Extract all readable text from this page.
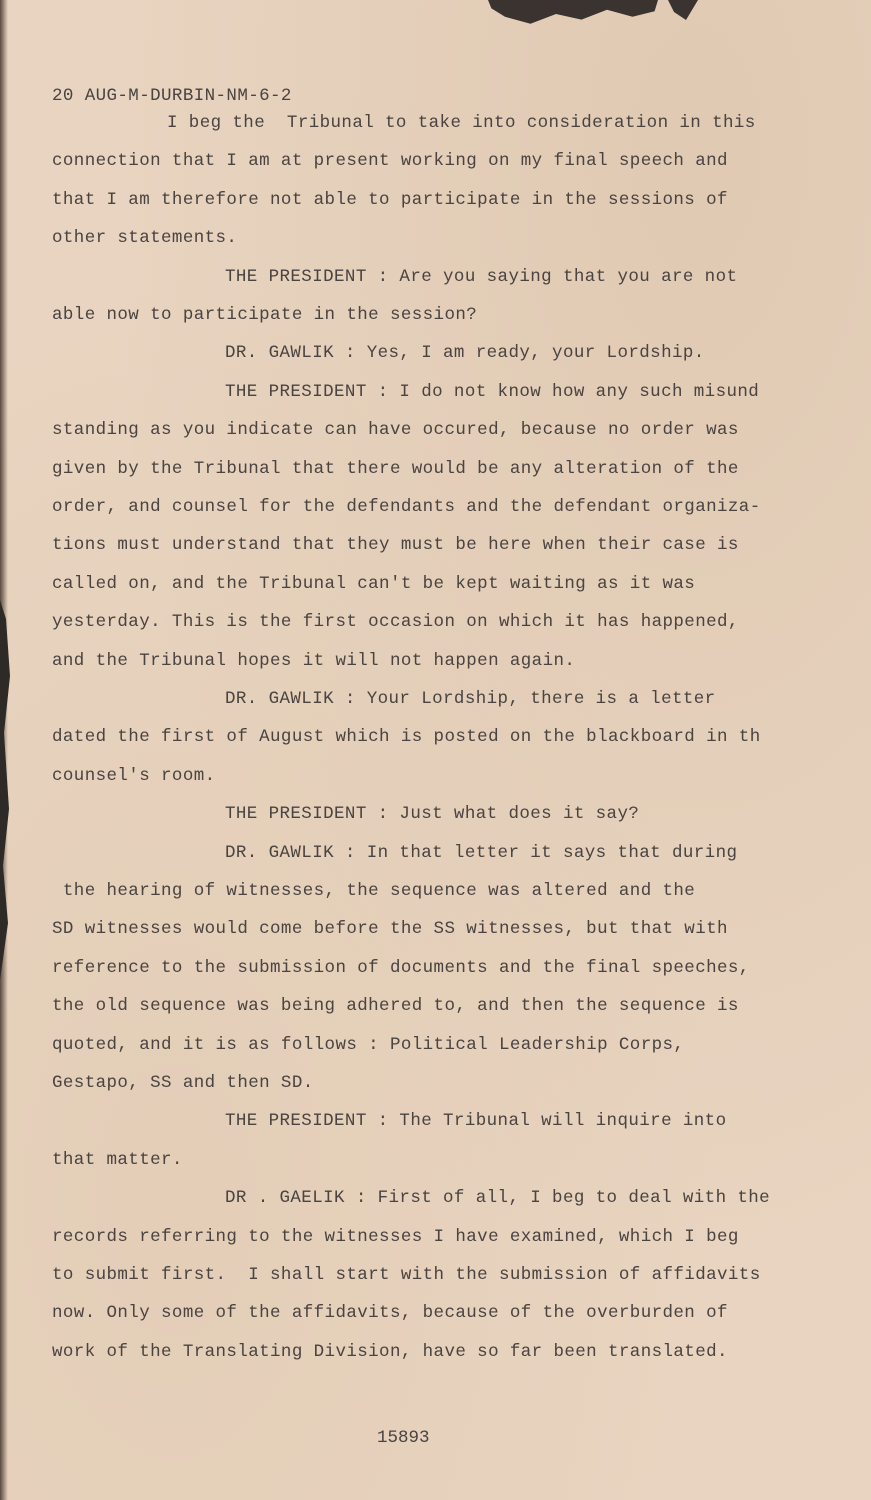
20 AUG-M-DURBIN-NM-6-2

I beg the  Tribunal to take into consideration in this
connection that I am at present working on my final speech and
that I am therefore not able to participate in the sessions of
other statements.
THE PRESIDENT : Are you saying that you are not
able now to participate in the session?
DR. GAWLIK : Yes, I am ready, your Lordship.
THE PRESIDENT : I do not know how any such misund
standing as you indicate can have occured, because no order was
given by the Tribunal that there would be any alteration of the
order, and counsel for the defendants and the defendant organiza-
tions must understand that they must be here when their case is
called on, and the Tribunal can't be kept waiting as it was
yesterday. This is the first occasion on which it has happened,
and the Tribunal hopes it will not happen again.
DR. GAWLIK : Your Lordship, there is a letter
dated the first of August which is posted on the blackboard in th
counsel's room.
THE PRESIDENT : Just what does it say?
DR. GAWLIK : In that letter it says that during
the hearing of witnesses, the sequence was altered and the
SD witnesses would come before the SS witnesses, but that with
reference to the submission of documents and the final speeches,
the old sequence was being adhered to, and then the sequence is
quoted, and it is as follows : Political Leadership Corps,
Gestapo, SS and then SD.
THE PRESIDENT : The Tribunal will inquire into
that matter.
DR . GAELIK : First of all, I beg to deal with the
records referring to the witnesses I have examined, which I beg
to submit first.  I shall start with the submission of affidavits
now. Only some of the affidavits, because of the overburden of
work of the Translating Division, have so far been translated.
15893
